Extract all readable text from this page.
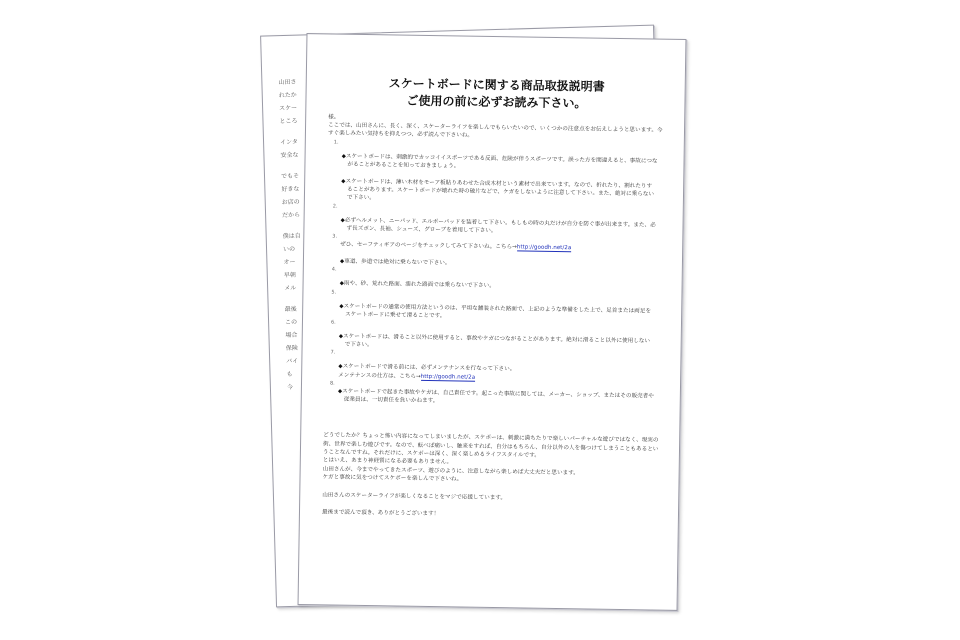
山田さ
れたか
スケー
ところ
インタ
安全な
でもそ
好きな
お店の
だから
僕は自
いの
オー
早朝
メル
最後
この
場合
保険
バイ
も
今
スケートボードに関する商品取扱説明書
ご使用の前に必ずお読み下さい。

様。

ここでは、山田さんに、長く、深く、スケーターライフを楽しんでもらいたいので、いくつかの注意点をお伝えしようと思います。今すぐ楽しみたい気持ちを抑えつつ、必ず読んで下さいね。

1.

◆スケートボードは、刺激的でカッコイイスポーツである反面、危険が伴うスポーツです。誤った方を間違えると、事故につながることがあることを知っておきましょう。

◆スケートボードは、薄い木材をモーア板貼りあわせた合成木材という素材で出来ています。なので、折れたり、割れたりすることがあります。スケートボードが壊れた時の破片などで、ケガをしないように注意して下さい。また、絶対に乗らないで下さい。

2.

◆必ずヘルメット、ニーパッド、エルボーパッドを装着して下さい。もしもの時の丸だけが自分を防ぐ事が出来ます。また、必ず長ズボン、長袖、シューズ、グローブを着用して下さい。

3.

ぜひ、セーフティギアのページをチェックしてみて下さいね。こちら→http://goodh.net/2a

◆車道、歩道では絶対に乗らないで下さい。

4.

◆雨や、砂、荒れた路面、濡れた路面では乗らないで下さい。

5.

◆スケートボードの通常の使用方法というのは、平坦な舗装された路面で、上記のような準備をした上で、足首または両足をスケートボードに乗せて滑ることです。

6.

◆スケートボードは、滑ること以外に使用すると、事故やケガにつながることがあります。絶対に滑ること以外に使用しないで下さい。

7.

◆スケートボードで滑る前には、必ずメンテナンスを行なって下さい。

メンテナンスの仕方は、こちら→http://goodh.net/2a

8.

◆スケートボードで起きた事故やケガは、自己責任です。起こった事故に関しては、メーカー、ショップ、またはその販売者や従業員は、一切責任を負いかねます。

どうでしたか？ちょっと怖い内容になってしまいましたが、スケボーは、刺激に満ちたりで楽しいパーチャルな遊びではなく、現実の街、世界で楽しむ遊びです。なので、転べば痛いし、触来をすれば、自分はもちろん、自分以外の人を傷つけてしまうこともあるということなんですね。それだけに、スケボーは深く、深く楽しめるライフスタイルです。

とはいえ、あまり神経質になる必要もありません。

山田さんが、今までやってきたスポーツ、遊びのように、注意しながら楽しめば大丈夫だと思います。

ケガと事故に気をつけてスケボーを楽しんで下さいね。

山田さんのスケーターライフが楽しくなることをマジで応援しています。

最後まで読んで頂き、ありがとうございます！
